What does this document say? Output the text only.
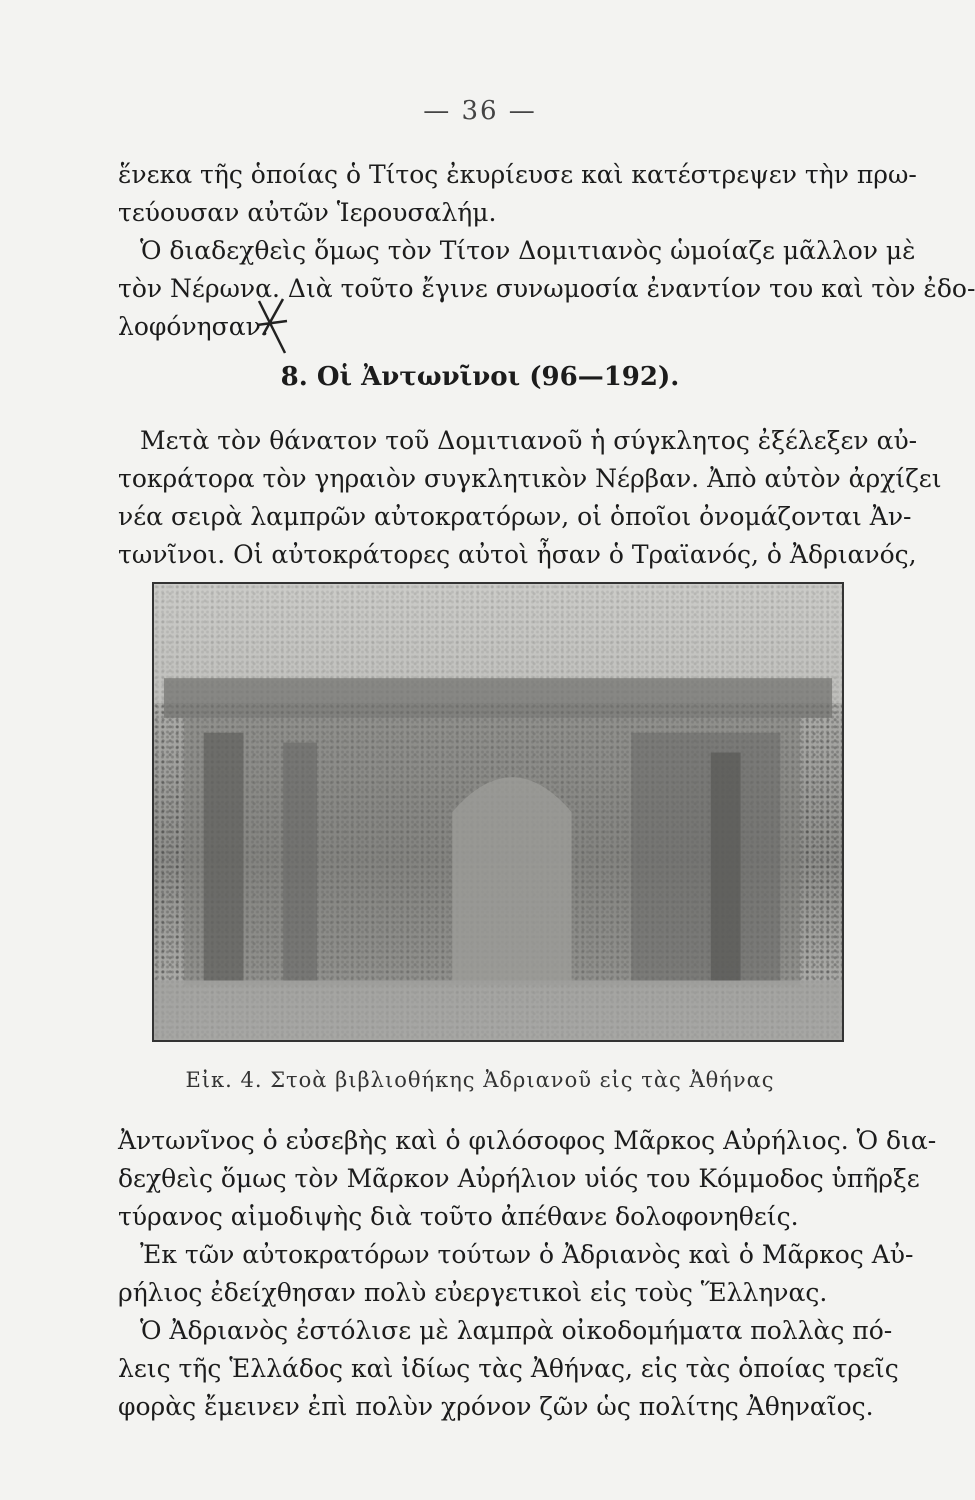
— 36 —
ἕνεκα τῆς ὁποίας ὁ Τίτος ἐκυρίευσε καὶ κατέστρεψεν τὴν πρω-
τεύουσαν αὐτῶν Ἱερουσαλήμ.
Ὁ διαδεχθεὶς ὅμως τὸν Τίτον Δομιτιανὸς ὡμοίαζε μᾶλλον μὲ
τὸν Νέρωνα. Διὰ τοῦτο ἔγινε συνωμοσία ἐναντίον του καὶ τὸν ἐδο-
λοφόνησαν.
8. Οἱ Ἀντωνῖνοι (96—192).
Μετὰ τὸν θάνατον τοῦ Δομιτιανοῦ ἡ σύγκλητος ἐξέλεξεν αὐ-
τοκράτορα τὸν γηραιὸν συγκλητικὸν Νέρβαν. Ἀπὸ αὐτὸν ἀρχίζει
νέα σειρὰ λαμπρῶν αὐτοκρατόρων, οἱ ὁποῖοι ὀνομάζονται Ἀν-
τωνῖνοι. Οἱ αὐτοκράτορες αὐτοὶ ἦσαν ὁ Τραϊανός, ὁ Ἀδριανός,
Εἰκ. 4. Στοὰ βιβλιοθήκης Ἀδριανοῦ εἰς τὰς Ἀθήνας
Ἀντωνῖνος ὁ εὐσεβὴς καὶ ὁ φιλόσοφος Μᾶρκος Αὐρήλιος. Ὁ δια-
δεχθεὶς ὅμως τὸν Μᾶρκον Αὐρήλιον υἱός του Κόμμοδος ὑπῆρξε
τύρανος αἱμοδιψὴς διὰ τοῦτο ἀπέθανε δολοφονηθείς.
Ἐκ τῶν αὐτοκρατόρων τούτων ὁ Ἀδριανὸς καὶ ὁ Μᾶρκος Αὐ-
ρήλιος ἐδείχθησαν πολὺ εὐεργετικοὶ εἰς τοὺς Ἕλληνας.
Ὁ Ἀδριανὸς ἐστόλισε μὲ λαμπρὰ οἰκοδομήματα πολλὰς πό-
λεις τῆς Ἑλλάδος καὶ ἰδίως τὰς Ἀθήνας, εἰς τὰς ὁποίας τρεῖς
φορὰς ἔμεινεν ἐπὶ πολὺν χρόνον ζῶν ὡς πολίτης Ἀθηναῖος.
